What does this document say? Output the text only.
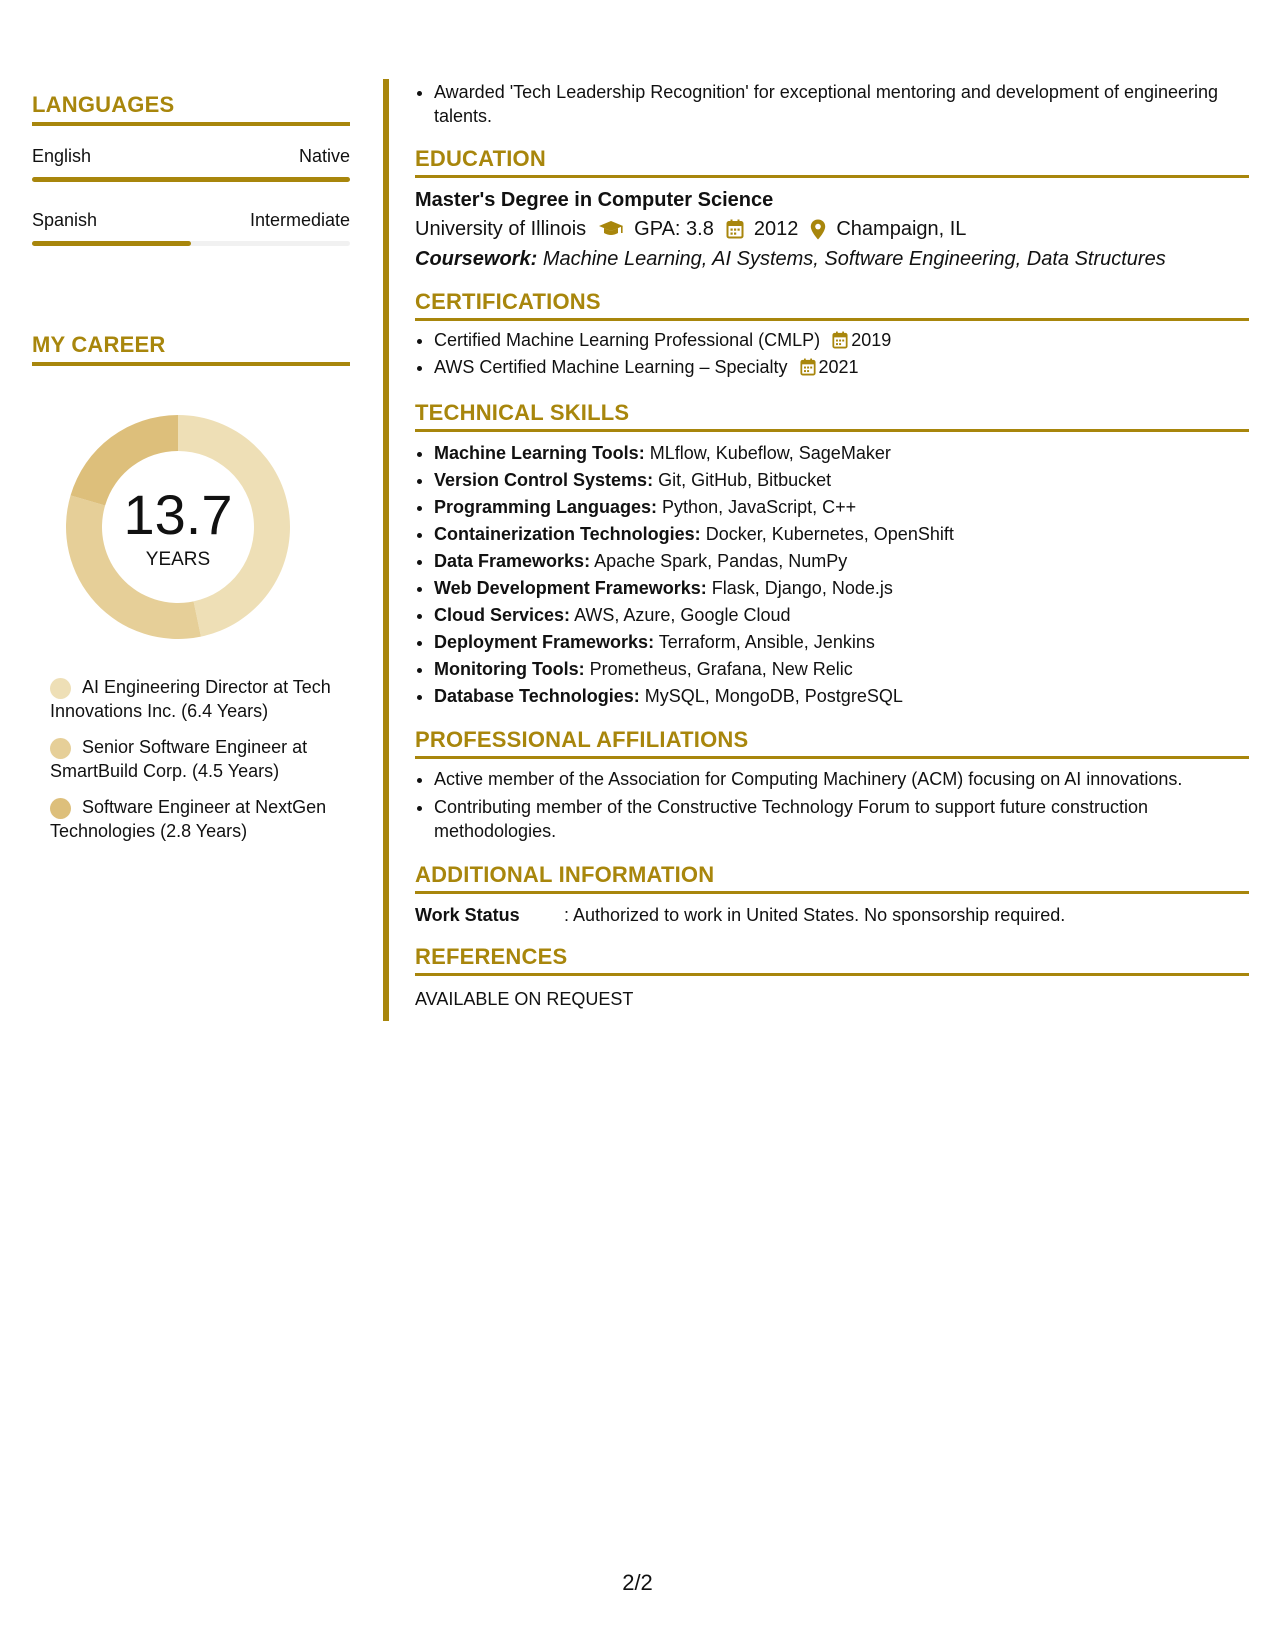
LANGUAGES
English	Native
Spanish	Intermediate
MY CAREER
13.7
YEARS
AI Engineering Director at Tech Innovations Inc. (6.4 Years)
Senior Software Engineer at SmartBuild Corp. (4.5 Years)
Software Engineer at NextGen Technologies (2.8 Years)
• Awarded 'Tech Leadership Recognition' for exceptional mentoring and development of engineering talents.
EDUCATION
Master's Degree in Computer Science
University of Illinois GPA: 3.8 2012 Champaign, IL
Coursework: Machine Learning, AI Systems, Software Engineering, Data Structures
CERTIFICATIONS
• Certified Machine Learning Professional (CMLP) 2019
• AWS Certified Machine Learning – Specialty 2021
TECHNICAL SKILLS
• Machine Learning Tools: MLflow, Kubeflow, SageMaker
• Version Control Systems: Git, GitHub, Bitbucket
• Programming Languages: Python, JavaScript, C++
• Containerization Technologies: Docker, Kubernetes, OpenShift
• Data Frameworks: Apache Spark, Pandas, NumPy
• Web Development Frameworks: Flask, Django, Node.js
• Cloud Services: AWS, Azure, Google Cloud
• Deployment Frameworks: Terraform, Ansible, Jenkins
• Monitoring Tools: Prometheus, Grafana, New Relic
• Database Technologies: MySQL, MongoDB, PostgreSQL
PROFESSIONAL AFFILIATIONS
• Active member of the Association for Computing Machinery (ACM) focusing on AI innovations.
• Contributing member of the Constructive Technology Forum to support future construction methodologies.
ADDITIONAL INFORMATION
Work Status	: Authorized to work in United States. No sponsorship required.
REFERENCES
AVAILABLE ON REQUEST
2/2
